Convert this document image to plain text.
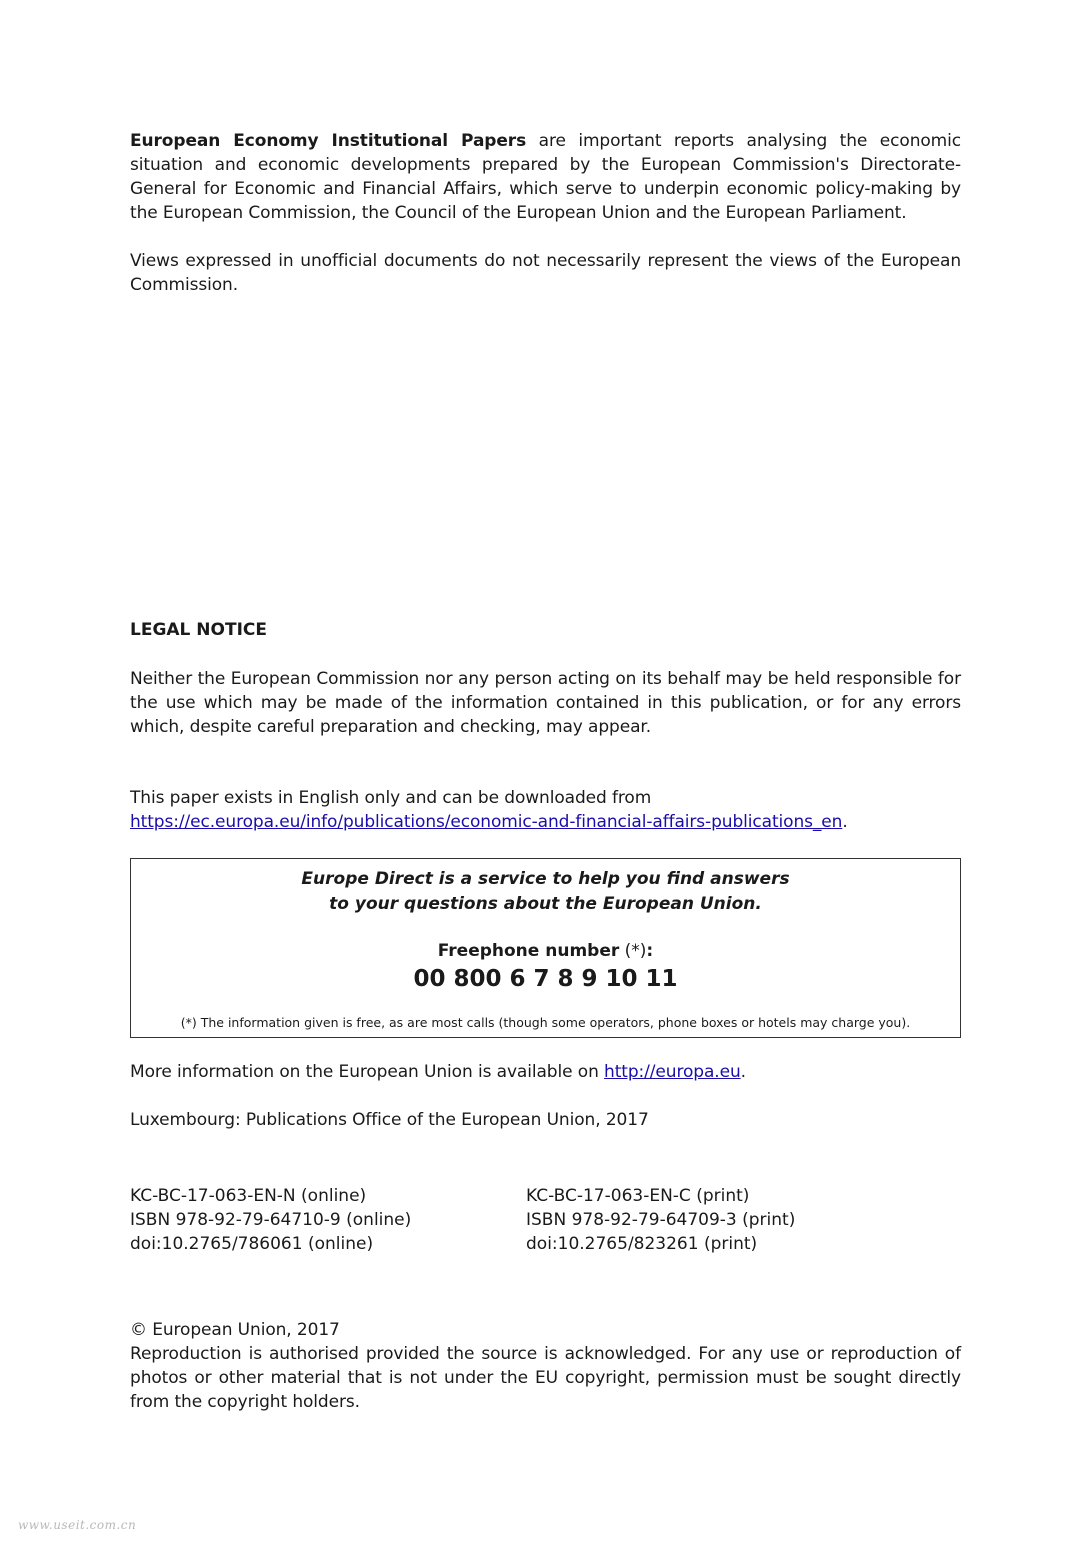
European Economy Institutional Papers are important reports analysing the economic situation and economic developments prepared by the European Commission's Directorate-General for Economic and Financial Affairs, which serve to underpin economic policy-making by the European Commission, the Council of the European Union and the European Parliament.
Views expressed in unofficial documents do not necessarily represent the views of the European Commission.
LEGAL NOTICE
Neither the European Commission nor any person acting on its behalf may be held responsible for the use which may be made of the information contained in this publication, or for any errors which, despite careful preparation and checking, may appear.
This paper exists in English only and can be downloaded from
https://ec.europa.eu/info/publications/economic-and-financial-affairs-publications_en.
Europe Direct is a service to help you find answers
to your questions about the European Union.
Freephone number (*):
00 800 6 7 8 9 10 11
(*) The information given is free, as are most calls (though some operators, phone boxes or hotels may charge you).
More information on the European Union is available on http://europa.eu.
Luxembourg: Publications Office of the European Union, 2017
KC-BC-17-063-EN-N (online)
ISBN 978-92-79-64710-9 (online)
doi:10.2765/786061 (online)
KC-BC-17-063-EN-C (print)
ISBN 978-92-79-64709-3 (print)
doi:10.2765/823261 (print)
© European Union, 2017
Reproduction is authorised provided the source is acknowledged. For any use or reproduction of photos or other material that is not under the EU copyright, permission must be sought directly from the copyright holders.
www.useit.com.cn
